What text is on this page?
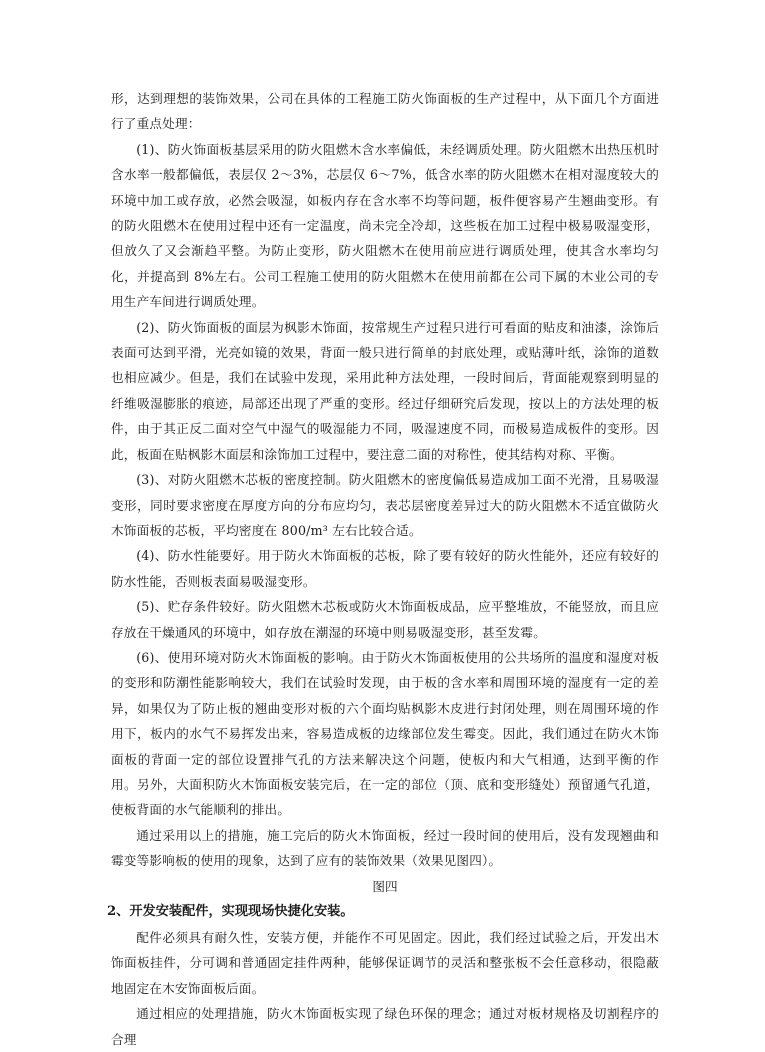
形，达到理想的装饰效果，公司在具体的工程施工防火饰面板的生产过程中，从下面几个方面进行了重点处理：

(1)、防火饰面板基层采用的防火阻燃木含水率偏低，未经调质处理。防火阻燃木出热压机时含水率一般都偏低，表层仅 2～3%，芯层仅 6～7%，低含水率的防火阻燃木在相对湿度较大的环境中加工或存放，必然会吸湿，如板内存在含水率不均等问题，板件便容易产生翘曲变形。有的防火阻燃木在使用过程中还有一定温度，尚未完全冷却，这些板在加工过程中极易吸湿变形，但放久了又会渐趋平整。为防止变形，防火阻燃木在使用前应进行调质处理，使其含水率均匀化，并提高到 8%左右。公司工程施工使用的防火阻燃木在使用前都在公司下属的木业公司的专用生产车间进行调质处理。

(2)、防火饰面板的面层为枫影木饰面，按常规生产过程只进行可看面的贴皮和油漆，涂饰后表面可达到平滑，光亮如镜的效果，背面一般只进行简单的封底处理，或贴薄叶纸，涂饰的道数也相应减少。但是，我们在试验中发现，采用此种方法处理，一段时间后，背面能观察到明显的纤维吸湿膨胀的痕迹，局部还出现了严重的变形。经过仔细研究后发现，按以上的方法处理的板件，由于其正反二面对空气中湿气的吸湿能力不同，吸湿速度不同，而极易造成板件的变形。因此，板面在贴枫影木面层和涂饰加工过程中，要注意二面的对称性，使其结构对称、平衡。

(3)、对防火阻燃木芯板的密度控制。防火阻燃木的密度偏低易造成加工面不光滑，且易吸湿变形，同时要求密度在厚度方向的分布应均匀，表芯层密度差异过大的防火阻燃木不适宜做防火木饰面板的芯板，平均密度在 800/m³ 左右比较合适。

(4)、防水性能要好。用于防火木饰面板的芯板，除了要有较好的防火性能外，还应有较好的防水性能，否则板表面易吸湿变形。

(5)、贮存条件较好。防火阻燃木芯板或防火木饰面板成品，应平整堆放，不能竖放，而且应存放在干燥通风的环境中，如存放在潮湿的环境中则易吸湿变形，甚至发霉。

(6)、使用环境对防火木饰面板的影响。由于防火木饰面板使用的公共场所的温度和湿度对板的变形和防潮性能影响较大，我们在试验时发现，由于板的含水率和周围环境的湿度有一定的差异，如果仅为了防止板的翘曲变形对板的六个面均贴枫影木皮进行封闭处理，则在周围环境的作用下，板内的水气不易挥发出来，容易造成板的边缘部位发生霉变。因此，我们通过在防火木饰面板的背面一定的部位设置排气孔的方法来解决这个问题，使板内和大气相通，达到平衡的作用。另外，大面积防火木饰面板安装完后，在一定的部位（顶、底和变形缝处）预留通气孔道，使板背面的水气能顺利的排出。

通过采用以上的措施，施工完后的防火木饰面板，经过一段时间的使用后，没有发现翘曲和霉变等影响板的使用的现象，达到了应有的装饰效果（效果见图四）。

图四

2、开发安装配件，实现现场快捷化安装。

配件必须具有耐久性，安装方便，并能作不可见固定。因此，我们经过试验之后，开发出木饰面板挂件，分可调和普通固定挂件两种，能够保证调节的灵活和整张板不会任意移动，很隐蔽地固定在木安饰面板后面。

通过相应的处理措施，防火木饰面板实现了绿色环保的理念；通过对板材规格及切割程序的合理
